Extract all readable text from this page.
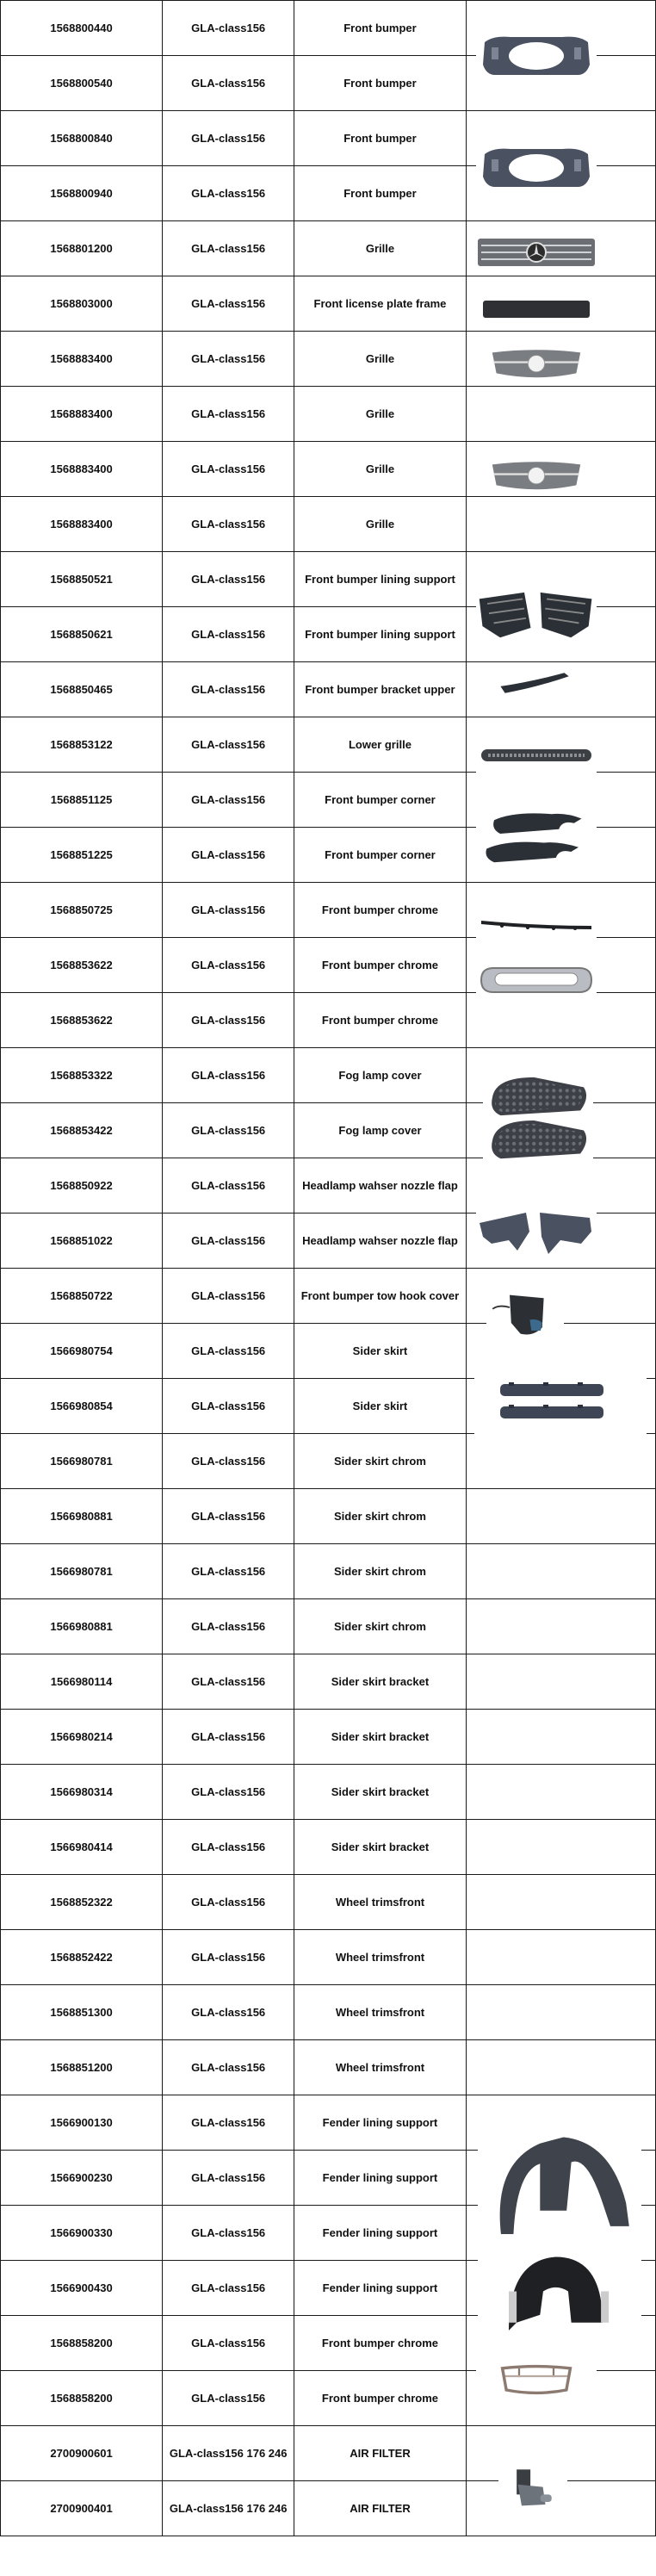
1568800440	GLA-class156	Front bumper	
1568800540	GLA-class156	Front bumper	
1568800840	GLA-class156	Front bumper	
1568800940	GLA-class156	Front bumper	
1568801200	GLA-class156	Grille	
1568803000	GLA-class156	Front license plate frame	
1568883400	GLA-class156	Grille	
1568883400	GLA-class156	Grille	
1568883400	GLA-class156	Grille	
1568883400	GLA-class156	Grille	
1568850521	GLA-class156	Front bumper lining support	
1568850621	GLA-class156	Front bumper lining support	
1568850465	GLA-class156	Front bumper bracket upper	
1568853122	GLA-class156	Lower grille	
1568851125	GLA-class156	Front bumper corner	
1568851225	GLA-class156	Front bumper corner	
1568850725	GLA-class156	Front bumper chrome	
1568853622	GLA-class156	Front bumper chrome	
1568853622	GLA-class156	Front bumper chrome	
1568853322	GLA-class156	Fog lamp cover	
1568853422	GLA-class156	Fog lamp cover	
1568850922	GLA-class156	Headlamp wahser nozzle flap	
1568851022	GLA-class156	Headlamp wahser nozzle flap	
1568850722	GLA-class156	Front bumper tow hook cover	
1566980754	GLA-class156	Sider skirt	
1566980854	GLA-class156	Sider skirt	
1566980781	GLA-class156	Sider skirt chrom	
1566980881	GLA-class156	Sider skirt chrom	
1566980781	GLA-class156	Sider skirt chrom	
1566980881	GLA-class156	Sider skirt chrom	
1566980114	GLA-class156	Sider skirt bracket	
1566980214	GLA-class156	Sider skirt bracket	
1566980314	GLA-class156	Sider skirt bracket	
1566980414	GLA-class156	Sider skirt bracket	
1568852322	GLA-class156	Wheel trimsfront	
1568852422	GLA-class156	Wheel trimsfront	
1568851300	GLA-class156	Wheel trimsfront	
1568851200	GLA-class156	Wheel trimsfront	
1566900130	GLA-class156	Fender lining support	
1566900230	GLA-class156	Fender lining support	
1566900330	GLA-class156	Fender lining support	
1566900430	GLA-class156	Fender lining support	
1568858200	GLA-class156	Front bumper chrome	
1568858200	GLA-class156	Front bumper chrome	
2700900601	GLA-class156 176 246	AIR FILTER	
2700900401	GLA-class156 176 246	AIR FILTER	
